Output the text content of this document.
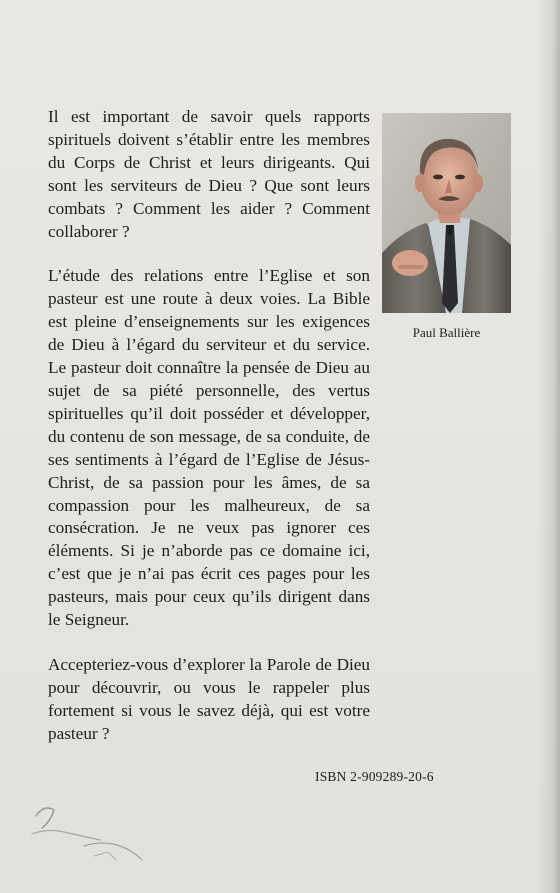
Il est important de savoir quels rapports spirituels doivent s’établir entre les membres du Corps de Christ et leurs dirigeants. Qui sont les serviteurs de Dieu ? Que sont leurs combats ? Comment les aider ? Comment collaborer ?

L’étude des relations entre l’Eglise et son pasteur est une route à deux voies. La Bible est pleine d’enseignements sur les exigences de Dieu à l’égard du serviteur et du service. Le pasteur doit connaître la pensée de Dieu au sujet de sa piété personnelle, des vertus spirituelles qu’il doit posséder et développer, du contenu de son message, de sa conduite, de ses sentiments à l’égard de l’Eglise de Jésus-Christ, de sa passion pour les âmes, de sa compassion pour les malheureux, de sa consécration. Je ne veux pas ignorer ces éléments. Si je n’aborde pas ce domaine ici, c’est que je n’ai pas écrit ces pages pour les pasteurs, mais pour ceux qu’ils dirigent dans le Seigneur.

Accepteriez-vous d’explorer la Parole de Dieu pour découvrir, ou vous le rappeler plus fortement si vous le savez déjà, qui est votre pasteur ?

Paul Ballière
ISBN 2-909289-20-6
